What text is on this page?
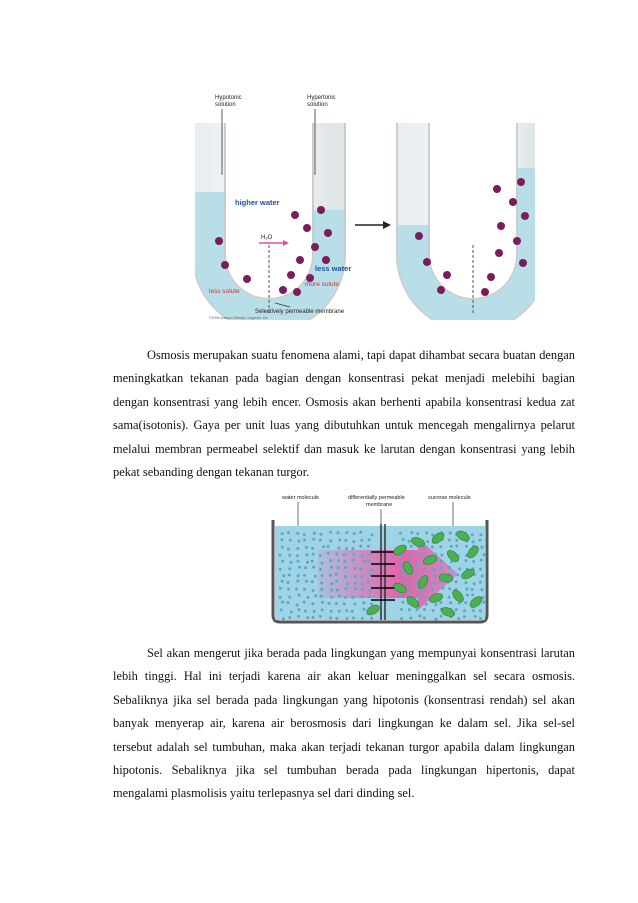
Hypotonic
solution
Hypertonic
solution
higher water
H₂O
less water
less solute
more solute
Selectively permeable membrane
©1999 Addison Wesley Longman, Inc.

Osmosis merupakan suatu fenomena alami, tapi dapat dihambat secara buatan dengan meningkatkan tekanan pada bagian dengan konsentrasi pekat menjadi melebihi bagian dengan konsentrasi yang lebih encer. Osmosis akan berhenti apabila konsentrasi kedua zat sama(isotonis). Gaya per unit luas yang dibutuhkan untuk mencegah mengalirnya pelarut melalui membran permeabel selektif dan masuk ke larutan dengan konsentrasi yang lebih pekat sebanding dengan tekanan turgor.

water molecule	differentially permeable
membrane
sucrose molecule

Sel akan mengerut jika berada pada lingkungan yang mempunyai konsentrasi larutan lebih tinggi. Hal ini terjadi karena air akan keluar meninggalkan sel secara osmosis. Sebaliknya jika sel berada pada lingkungan yang hipotonis (konsentrasi rendah) sel akan banyak menyerap air, karena air berosmosis dari lingkungan ke dalam sel. Jika sel-sel tersebut adalah sel tumbuhan, maka akan terjadi tekanan turgor apabila dalam lingkungan hipotonis. Sebaliknya jika sel tumbuhan berada pada lingkungan hipertonis, dapat mengalami plasmolisis yaitu terlepasnya sel dari dinding sel.
